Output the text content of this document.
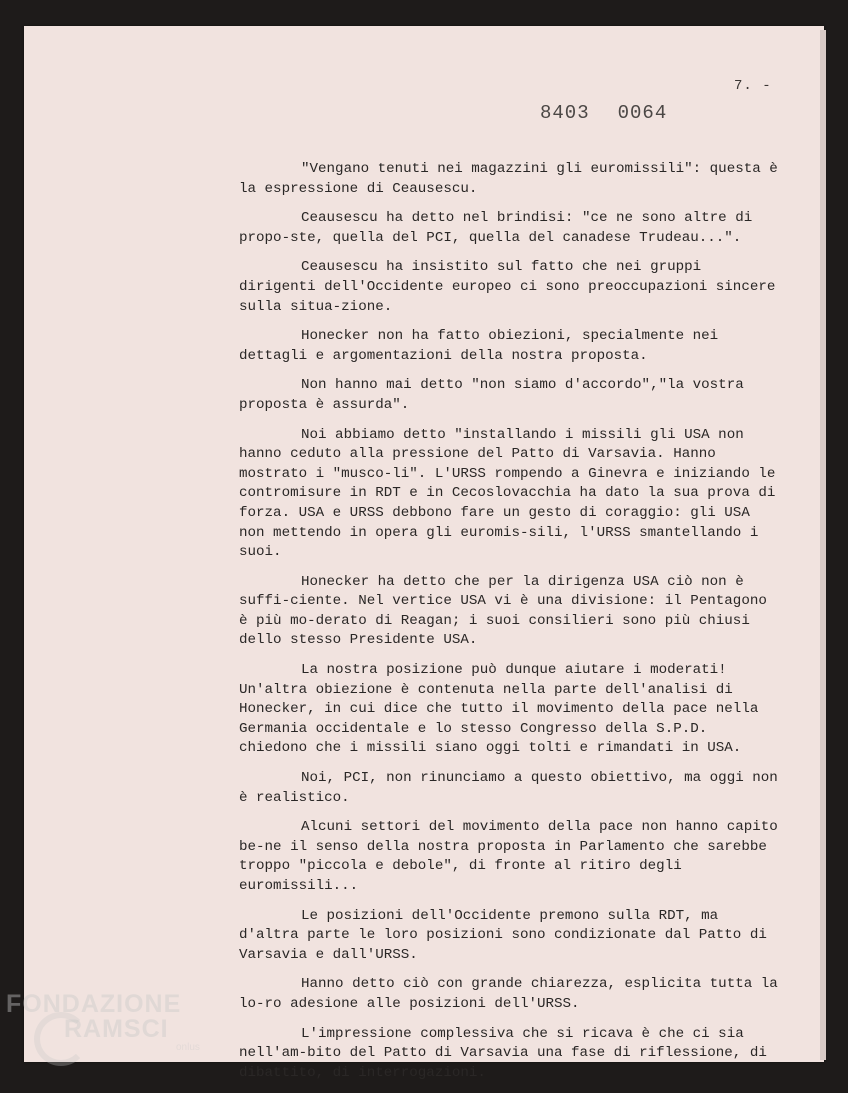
7. -
8403 0064

"Vengano tenuti nei magazzini gli euromissili": questa è la espressione di Ceausescu.

Ceausescu ha detto nel brindisi: "ce ne sono altre di propo-ste, quella del PCI, quella del canadese Trudeau...".

Ceausescu ha insistito sul fatto che nei gruppi dirigenti dell'Occidente europeo ci sono preoccupazioni sincere sulla situa-zione.

Honecker non ha fatto obiezioni, specialmente nei dettagli e argomentazioni della nostra proposta.

Non hanno mai detto "non siamo d'accordo","la vostra proposta è assurda".

Noi abbiamo detto "installando i missili gli USA non hanno ceduto alla pressione del Patto di Varsavia. Hanno mostrato i "musco-li". L'URSS rompendo a Ginevra e iniziando le contromisure in RDT e in Cecoslovacchia ha dato la sua prova di forza. USA e URSS debbono fare un gesto di coraggio: gli USA non mettendo in opera gli euromis-sili, l'URSS smantellando i suoi.

Honecker ha detto che per la dirigenza USA ciò non è suffi-ciente. Nel vertice USA vi è una divisione: il Pentagono è più mo-derato di Reagan; i suoi consilieri sono più chiusi dello stesso Presidente USA.

La nostra posizione può dunque aiutare i moderati! Un'altra obiezione è contenuta nella parte dell'analisi di Honecker, in cui dice che tutto il movimento della pace nella Germania occidentale e lo stesso Congresso della S.P.D. chiedono che i missili siano oggi tolti e rimandati in USA.

Noi, PCI, non rinunciamo a questo obiettivo, ma oggi non è realistico.

Alcuni settori del movimento della pace non hanno capito be-ne il senso della nostra proposta in Parlamento che sarebbe troppo "piccola e debole", di fronte al ritiro degli euromissili...

Le posizioni dell'Occidente premono sulla RDT, ma d'altra parte le loro posizioni sono condizionate dal Patto di Varsavia e dall'URSS.

Hanno detto ciò con grande chiarezza, esplicita tutta la lo-ro adesione alle posizioni dell'URSS.

L'impressione complessiva che si ricava è che ci sia nell'am-bito del Patto di Varsavia una fase di riflessione, di dibattito, di interrogazioni.

FONDAZIONE
RAMSCI
onlus
